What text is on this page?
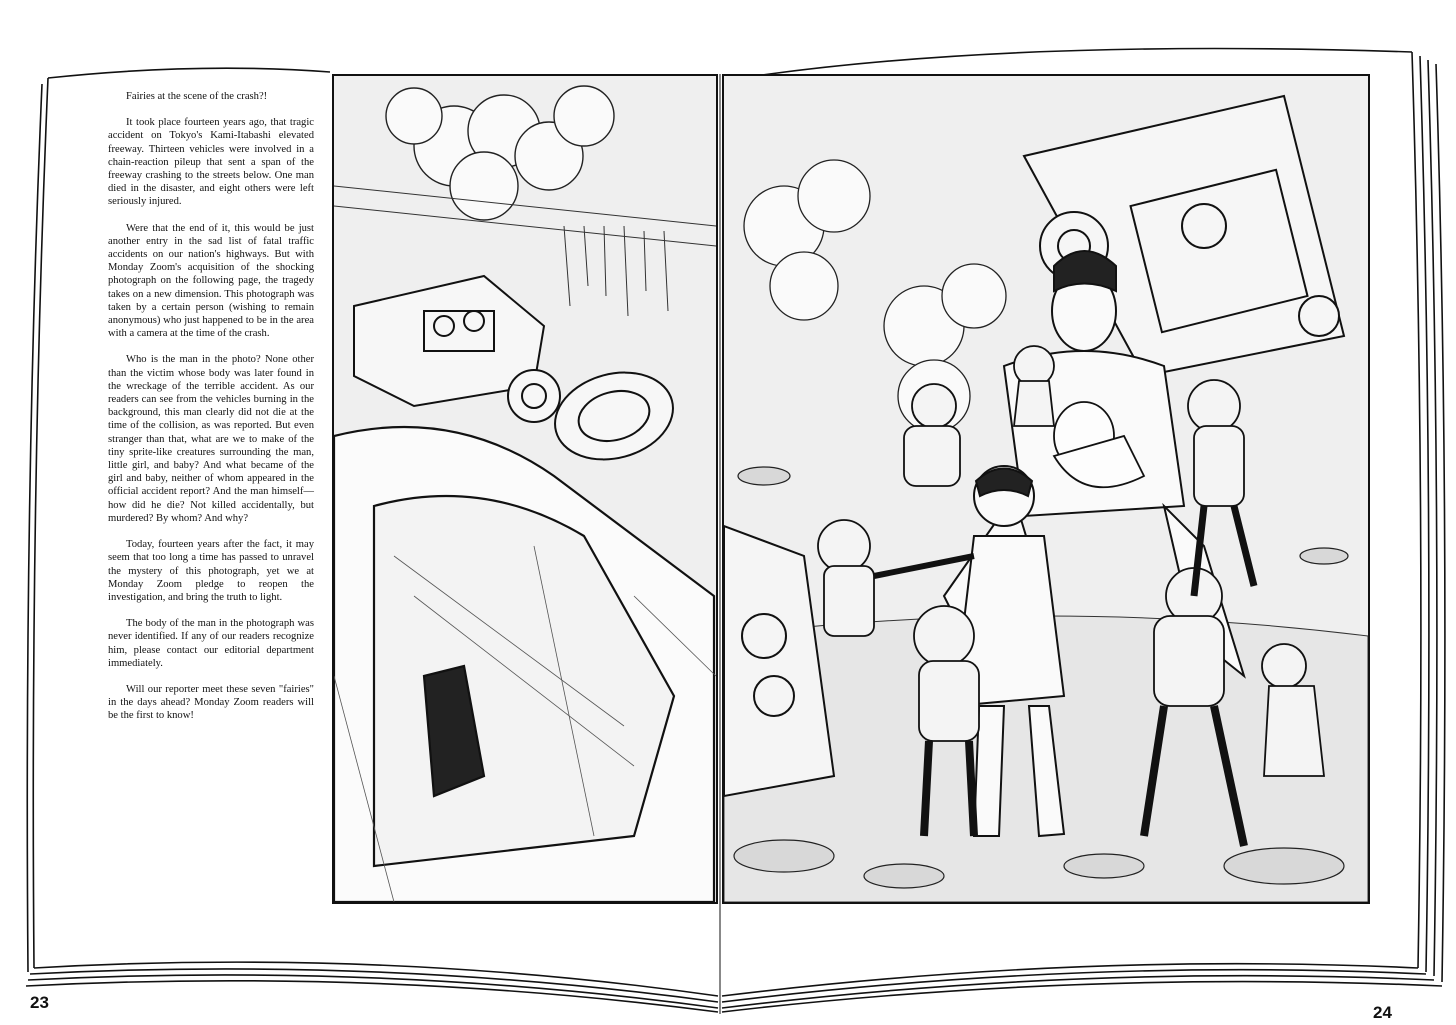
Fairies at the scene of the crash?!

It took place fourteen years ago, that tragic accident on Tokyo's Kami-Itabashi elevated freeway. Thirteen vehicles were involved in a chain-reaction pileup that sent a span of the freeway crashing to the streets below. One man died in the disaster, and eight others were left seriously injured.

Were that the end of it, this would be just another entry in the sad list of fatal traffic accidents on our nation's highways. But with Monday Zoom's acquisition of the shocking photograph on the following page, the tragedy takes on a new dimension. This photograph was taken by a certain person (wishing to remain anonymous) who just happened to be in the area with a camera at the time of the crash.

Who is the man in the photo? None other than the victim whose body was later found in the wreckage of the terrible accident. As our readers can see from the vehicles burning in the background, this man clearly did not die at the time of the collision, as was reported. But even stranger than that, what are we to make of the tiny sprite-like creatures surrounding the man, little girl, and baby? And what became of the girl and baby, neither of whom appeared in the official accident report? And the man himself—how did he die? Not killed accidentally, but murdered? By whom? And why?

Today, fourteen years after the fact, it may seem that too long a time has passed to unravel the mystery of this photograph, yet we at Monday Zoom pledge to reopen the investigation, and bring the truth to light.

The body of the man in the photograph was never identified. If any of our readers recognize him, please contact our editorial department immediately.

Will our reporter meet these seven "fairies" in the days ahead? Monday Zoom readers will be the first to know!

23
24
